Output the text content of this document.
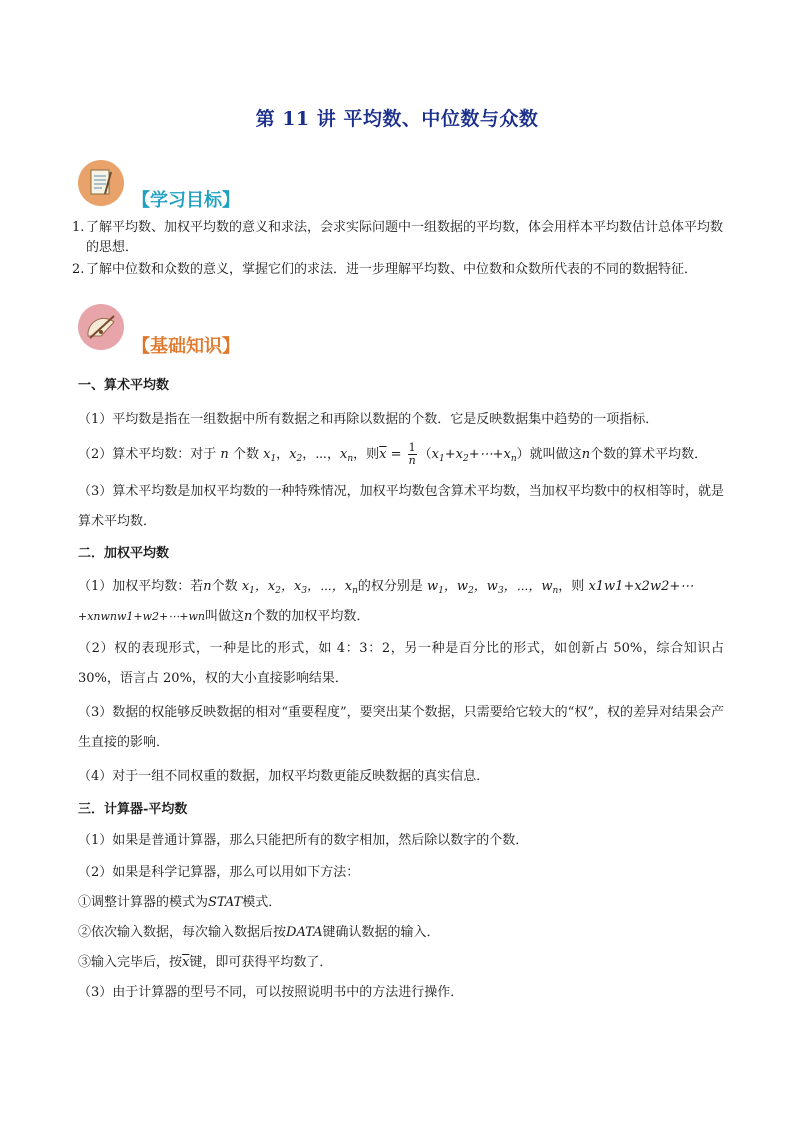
第 11 讲 平均数、中位数与众数
【学习目标】
1. 了解平均数、加权平均数的意义和求法，会求实际问题中一组数据的平均数，体会用样本平均数估计总体平均数的思想．
2. 了解中位数和众数的意义，掌握它们的求法．进一步理解平均数、中位数和众数所代表的不同的数据特征．
【基础知识】
一、算术平均数
（1）平均数是指在一组数据中所有数据之和再除以数据的个数．它是反映数据集中趋势的一项指标．
（2）算术平均数：对于 n 个数 $x_1$，$x_2$，⋯，$x_n$，则$\overline{x} = \frac{1}{n}$ $(x_1+x_2+\cdots+x_n)$就叫做这n个数的算术平均数．
（3）算术平均数是加权平均数的一种特殊情况，加权平均数包含算术平均数，当加权平均数中的权相等时，就是算术平均数．
二．加权平均数
（1）加权平均数：若n个数 $x_1$，$x_2$，$x_3$，⋯，$x_n$的权分别是 $w_1$，$w_2$，$w_3$，⋯，$w_n$，则 x1w1+x2w2+⋯
+xnwnw1+w2+⋯+wn叫做这n个数的加权平均数．
（2）权的表现形式，一种是比的形式，如 4：3：2，另一种是百分比的形式，如创新占 50%，综合知识占 30%，语言占 20%，权的大小直接影响结果．
（3）数据的权能够反映数据的相对“重要程度”，要突出某个数据，只需要给它较大的“权”，权的差异对结果会产生直接的影响．
（4）对于一组不同权重的数据，加权平均数更能反映数据的真实信息．
三．计算器-平均数
（1）如果是普通计算器，那么只能把所有的数字相加，然后除以数字的个数．
（2）如果是科学记算器，那么可以用如下方法：
①调整计算器的模式为STAT模式．
②依次输入数据，每次输入数据后按DATA键确认数据的输入．
③输入完毕后，按$\overline{x}$键，即可获得平均数了．
（3）由于计算器的型号不同，可以按照说明书中的方法进行操作．
